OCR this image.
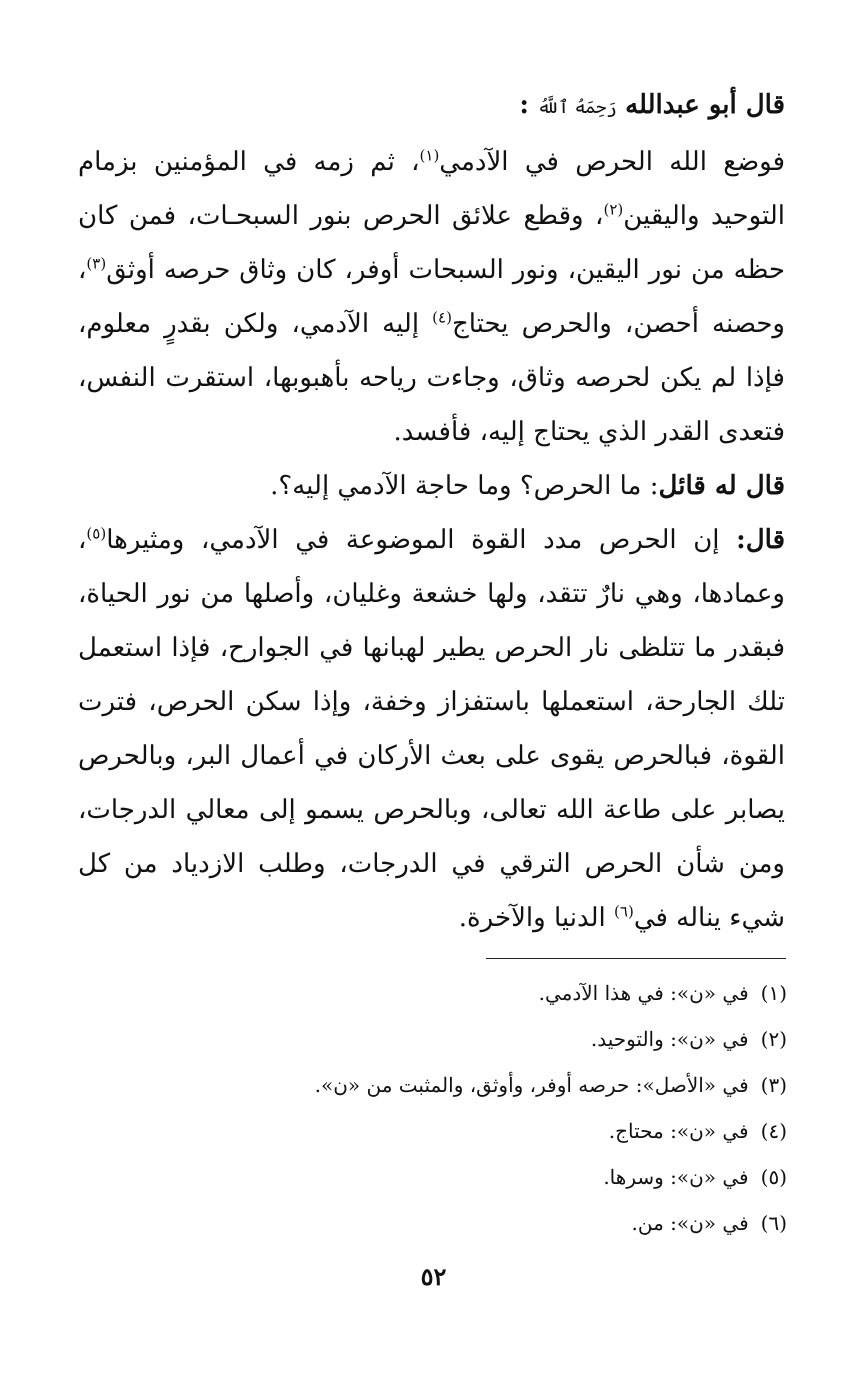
قال أبو عبدالله رَحِمَهُ ٱللَّهُ :

فوضع الله الحرص في الآدمي$^{(١)}$، ثم زمه في المؤمنين بزمام التوحيد واليقين$^{(٢)}$، وقطع علائق الحرص بنور السبحـات، فمن كان حظه من نور اليقين، ونور السبحات أوفر، كان وثاق حرصه أوثق$^{(٣)}$، وحصنه أحصن، والحرص يحتاج$^{(٤)}$ إليه الآدمي، ولكن بقدرٍ معلوم، فإذا لم يكن لحرصه وثاق، وجاءت رياحه بأهبوبها، استقرت النفس، فتعدى القدر الذي يحتاج إليه، فأفسد.

قال له قائل: ما الحرص؟ وما حاجة الآدمي إليه؟.

قال: إن الحرص مدد القوة الموضوعة في الآدمي، ومثيرها$^{(٥)}$، وعمادها، وهي نارٌ تتقد، ولها خشعة وغليان، وأصلها من نور الحياة، فبقدر ما تتلظى نار الحرص يطير لهبانها في الجوارح، فإذا استعمل تلك الجارحة، استعملها باستفزاز وخفة، وإذا سكن الحرص، فترت القوة، فبالحرص يقوى على بعث الأركان في أعمال البر، وبالحرص يصابر على طاعة الله تعالى، وبالحرص يسمو إلى معالي الدرجات، ومن شأن الحرص الترقي في الدرجات، وطلب الازدياد من كل شيء يناله في$^{(٦)}$ الدنيا والآخرة.

(١)في «ن»: في هذا الآدمي.

(٢)في «ن»: والتوحيد.

(٣)في «الأصل»: حرصه أوفر، وأوثق، والمثبت من «ن».

(٤)في «ن»: محتاج.

(٥)في «ن»: وسرها.

(٦)في «ن»: من.

٥٢
